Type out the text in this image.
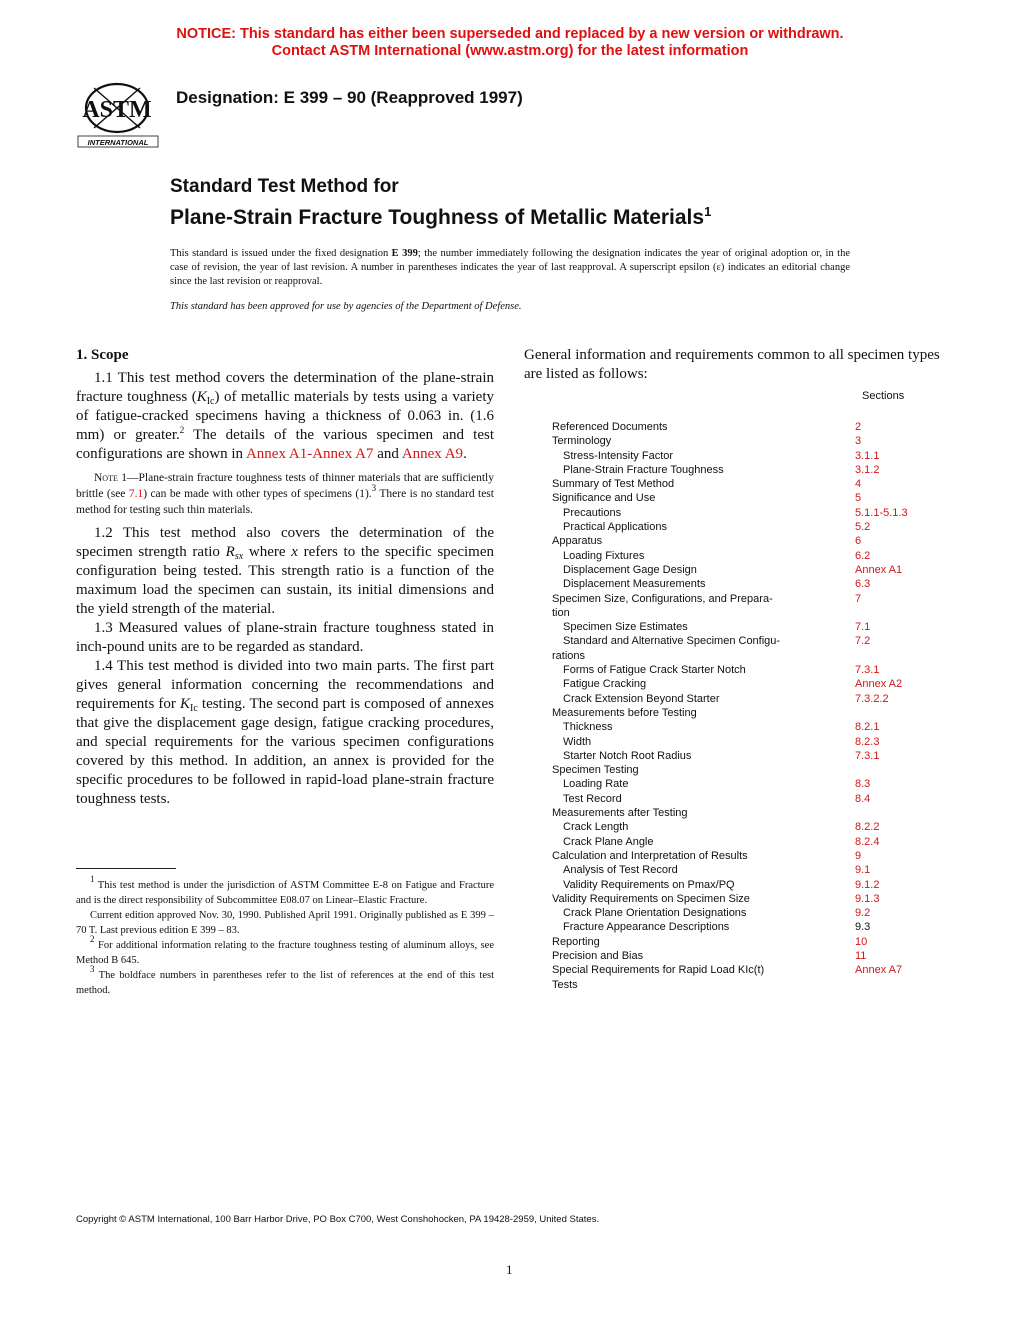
NOTICE: This standard has either been superseded and replaced by a new version or withdrawn.
Contact ASTM International (www.astm.org) for the latest information
ASTM
INTERNATIONAL
Designation: E 399 – 90 (Reapproved 1997)
Standard Test Method for
Plane-Strain Fracture Toughness of Metallic Materials$^1$
This standard is issued under the fixed designation E 399; the number immediately following the designation indicates the year of original adoption or, in the case of revision, the year of last revision. A number in parentheses indicates the year of last reapproval. A superscript epsilon (ε) indicates an editorial change since the last revision or reapproval.
This standard has been approved for use by agencies of the Department of Defense.
1. Scope

1.1 This test method covers the determination of the plane-strain fracture toughness $(K_{Ic})$ of metallic materials by tests using a variety of fatigue-cracked specimens having a thickness of 0.063 in. (1.6 mm) or greater.$^2$ The details of the various specimen and test configurations are shown in Annex A1-Annex A7 and Annex A9.

Note 1—Plane-strain fracture toughness tests of thinner materials that are sufficiently brittle (see 7.1) can be made with other types of specimens (1).$^3$ There is no standard test method for testing such thin materials.

1.2 This test method also covers the determination of the specimen strength ratio $R_{sx}$ where x refers to the specific specimen configuration being tested. This strength ratio is a function of the maximum load the specimen can sustain, its initial dimensions and the yield strength of the material.

1.3 Measured values of plane-strain fracture toughness stated in inch-pound units are to be regarded as standard.

1.4 This test method is divided into two main parts. The first part gives general information concerning the recommendations and requirements for $K_{Ic}$ testing. The second part is composed of annexes that give the displacement gage design, fatigue cracking procedures, and special requirements for the various specimen configurations covered by this method. In addition, an annex is provided for the specific procedures to be followed in rapid-load plane-strain fracture toughness tests.

$^1$ This test method is under the jurisdiction of ASTM Committee E-8 on Fatigue and Fracture and is the direct responsibility of Subcommittee E08.07 on Linear–Elastic Fracture.

Current edition approved Nov. 30, 1990. Published April 1991. Originally published as E 399 – 70 T. Last previous edition E 399 – 83.

$^2$ For additional information relating to the fracture toughness testing of aluminum alloys, see Method B 645.

$^3$ The boldface numbers in parentheses refer to the list of references at the end of this test method.

General information and requirements common to all specimen types are listed as follows:
Sections
Referenced Documents	2
Terminology	3
Stress-Intensity Factor	3.1.1
Plane-Strain Fracture Toughness	3.1.2
Summary of Test Method	4
Significance and Use	5
Precautions	5.1.1-5.1.3
Practical Applications	5.2
Apparatus	6
Loading Fixtures	6.2
Displacement Gage Design	Annex A1
Displacement Measurements	6.3
Specimen Size, Configurations, and Prepara-	7
tion
Specimen Size Estimates	7.1
Standard and Alternative Specimen Configu-	7.2
rations
Forms of Fatigue Crack Starter Notch	7.3.1
Fatigue Cracking	Annex A2
Crack Extension Beyond Starter	7.3.2.2
Measurements before Testing
Thickness	8.2.1
Width	8.2.3
Starter Notch Root Radius	7.3.1
Specimen Testing
Loading Rate	8.3
Test Record	8.4
Measurements after Testing
Crack Length	8.2.2
Crack Plane Angle	8.2.4
Calculation and Interpretation of Results	9
Analysis of Test Record	9.1
Validity Requirements on Pmax/PQ	9.1.2
Validity Requirements on Specimen Size	9.1.3
Crack Plane Orientation Designations	9.2
Fracture Appearance Descriptions	9.3
Reporting	10
Precision and Bias	11
Special Requirements for Rapid Load KIc(t)	Annex A7
Tests
Copyright © ASTM International, 100 Barr Harbor Drive, PO Box C700, West Conshohocken, PA 19428-2959, United States.
1
